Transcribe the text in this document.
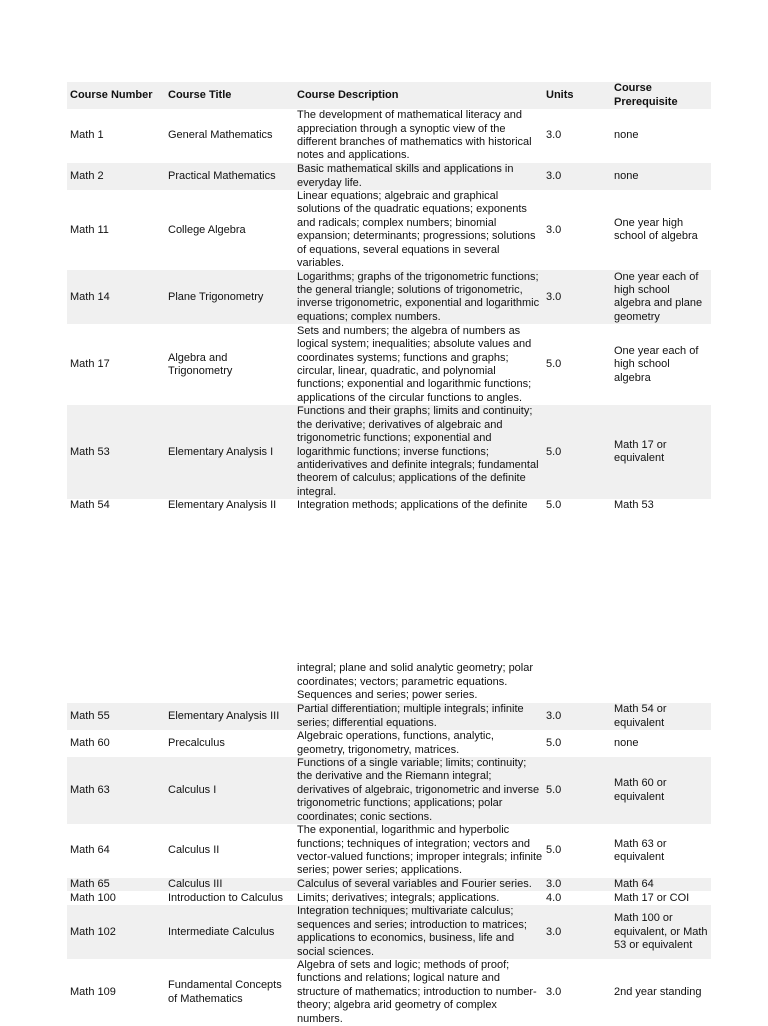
Course Number	Course Title	Course Description	Units	Course Prerequisite
Math 1	General Mathematics	The development of mathematical literacy and appreciation through a synoptic view of the different branches of mathematics with historical notes and applications.	3.0	none
Math 2	Practical Mathematics	Basic mathematical skills and applications in everyday life.	3.0	none
Math 11	College Algebra	Linear equations; algebraic and graphical solutions of the quadratic equations; exponents and radicals; complex numbers; binomial expansion; determinants; progressions; solutions of equations, several equations in several variables.	3.0	One year high school of algebra
Math 14	Plane Trigonometry	Logarithms; graphs of the trigonometric functions; the general triangle; solutions of trigonometric, inverse trigonometric, exponential and logarithmic equations; complex numbers.	3.0	One year each of high school algebra and plane geometry
Math 17	Algebra and Trigonometry	Sets and numbers; the algebra of numbers as logical system; inequalities; absolute values and coordinates systems; functions and graphs; circular, linear, quadratic, and polynomial functions; exponential and logarithmic functions; applications of the circular functions to angles.	5.0	One year each of high school algebra
Math 53	Elementary Analysis I	Functions and their graphs; limits and continuity; the derivative; derivatives of algebraic and trigonometric functions; exponential and logarithmic functions; inverse functions; antiderivatives and definite integrals; fundamental theorem of calculus; applications of the definite integral.	5.0	Math 17 or equivalent
Math 54	Elementary Analysis II	Integration methods; applications of the definite	5.0	Math 53
		integral; plane and solid analytic geometry; polar coordinates; vectors; parametric equations. Sequences and series; power series.		
Math 55	Elementary Analysis III	Partial differentiation; multiple integrals; infinite series; differential equations.	3.0	Math 54 or equivalent
Math 60	Precalculus	Algebraic operations, functions, analytic, geometry, trigonometry, matrices.	5.0	none
Math 63	Calculus I	Functions of a single variable; limits; continuity; the derivative and the Riemann integral; derivatives of algebraic, trigonometric and inverse trigonometric functions; applications; polar coordinates; conic sections.	5.0	Math 60 or equivalent
Math 64	Calculus II	The exponential, logarithmic and hyperbolic functions; techniques of integration; vectors and vector-valued functions; improper integrals; infinite series; power series; applications.	5.0	Math 63 or equivalent
Math 65	Calculus III	Calculus of several variables and Fourier series.	3.0	Math 64
Math 100	Introduction to Calculus	Limits; derivatives; integrals; applications.	4.0	Math 17 or COI
Math 102	Intermediate Calculus	Integration techniques; multivariate calculus; sequences and series; introduction to matrices; applications to economics, business, life and social sciences.	3.0	Math 100 or equivalent, or Math 53 or equivalent
Math 109	Fundamental Concepts of Mathematics	Algebra of sets and logic; methods of proof; functions and relations; logical nature and structure of mathematics; introduction to number-theory; algebra arid geometry of complex numbers.	3.0	2nd year standing
